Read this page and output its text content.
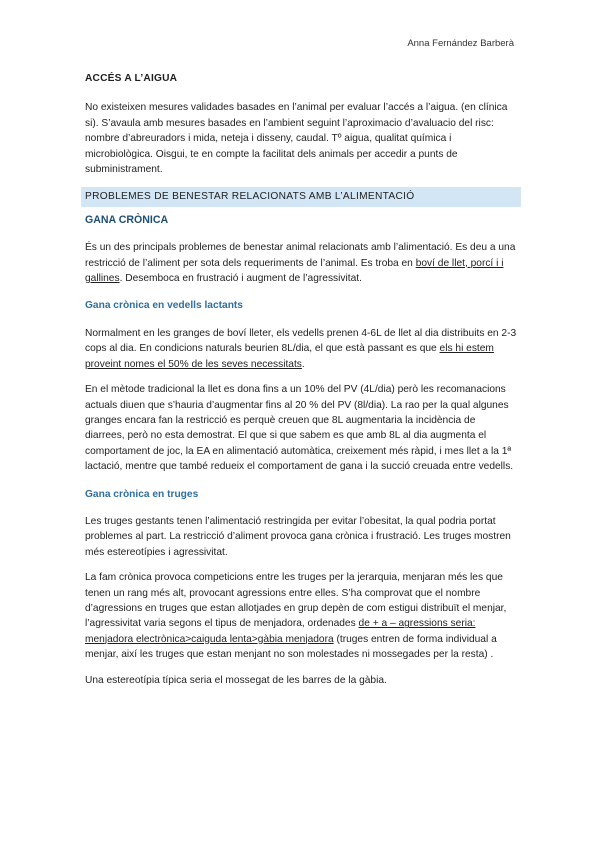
Anna Fernández Barberà
ACCÉS A L’AIGUA

No existeixen mesures validades basades en l’animal per evaluar l’accés a l’aigua. (en clínica si). S’avaula amb mesures basades en l’ambient seguint l’aproximacio d’avaluacio del risc: nombre d’abreuradors i mida, neteja i disseny, caudal. Tº aigua, qualitat química i microbiològica. Oisgui, te en compte la facilitat dels animals per accedir a punts de subministrament.

PROBLEMES DE BENESTAR RELACIONATS AMB L’ALIMENTACIÓ
GANA CRÒNICA

És un des principals problemes de benestar animal relacionats amb l’alimentació. Es deu a una restricció de l’aliment per sota dels requeriments de l’animal. Es troba en boví de llet, porcí i i gallines. Desemboca en frustració i augment de l’agressivitat.

Gana crònica en vedells lactants

Normalment en les granges de boví lleter, els vedells prenen 4-6L de llet al dia distribuits en 2-3 cops al dia. En condicions naturals beurien 8L/dia, el que està passant es que els hi estem proveint nomes el 50% de les seves necessitats.

En el mètode tradicional la llet es dona fins a un 10% del PV (4L/dia) però les recomanacions actuals diuen que s’hauria d’augmentar fins al 20 % del PV (8l/dia). La rao per la qual algunes granges encara fan la restricció es perquè creuen que 8L augmentaria la incidència de diarrees, però no esta demostrat. El que si que sabem es que amb 8L al dia augmenta el comportament de joc, la EA en alimentació automàtica, creixement més ràpid, i mes llet a la 1ª lactació, mentre que també redueix el comportament de gana i la succió creuada entre vedells.

Gana crònica en truges

Les truges gestants tenen l’alimentació restringida per evitar l’obesitat, la qual podria portat problemes al part. La restricció d’aliment provoca gana crònica i frustració. Les truges mostren més estereotípies i agressivitat.

La fam crònica provoca competicions entre les truges per la jerarquia, menjaran més les que tenen un rang més alt, provocant agressions entre elles. S’ha comprovat que el nombre d’agressions en truges que estan allotjades en grup depèn de com estigui distribuït el menjar, l’agressivitat varia segons el tipus de menjadora, ordenades de + a – agressions seria: menjadora electrònica>caiguda lenta>gàbia menjadora (truges entren de forma individual a menjar, així les truges que estan menjant no son molestades ni mossegades per la resta) .

Una estereotípia típica seria el mossegat de les barres de la gàbia.
